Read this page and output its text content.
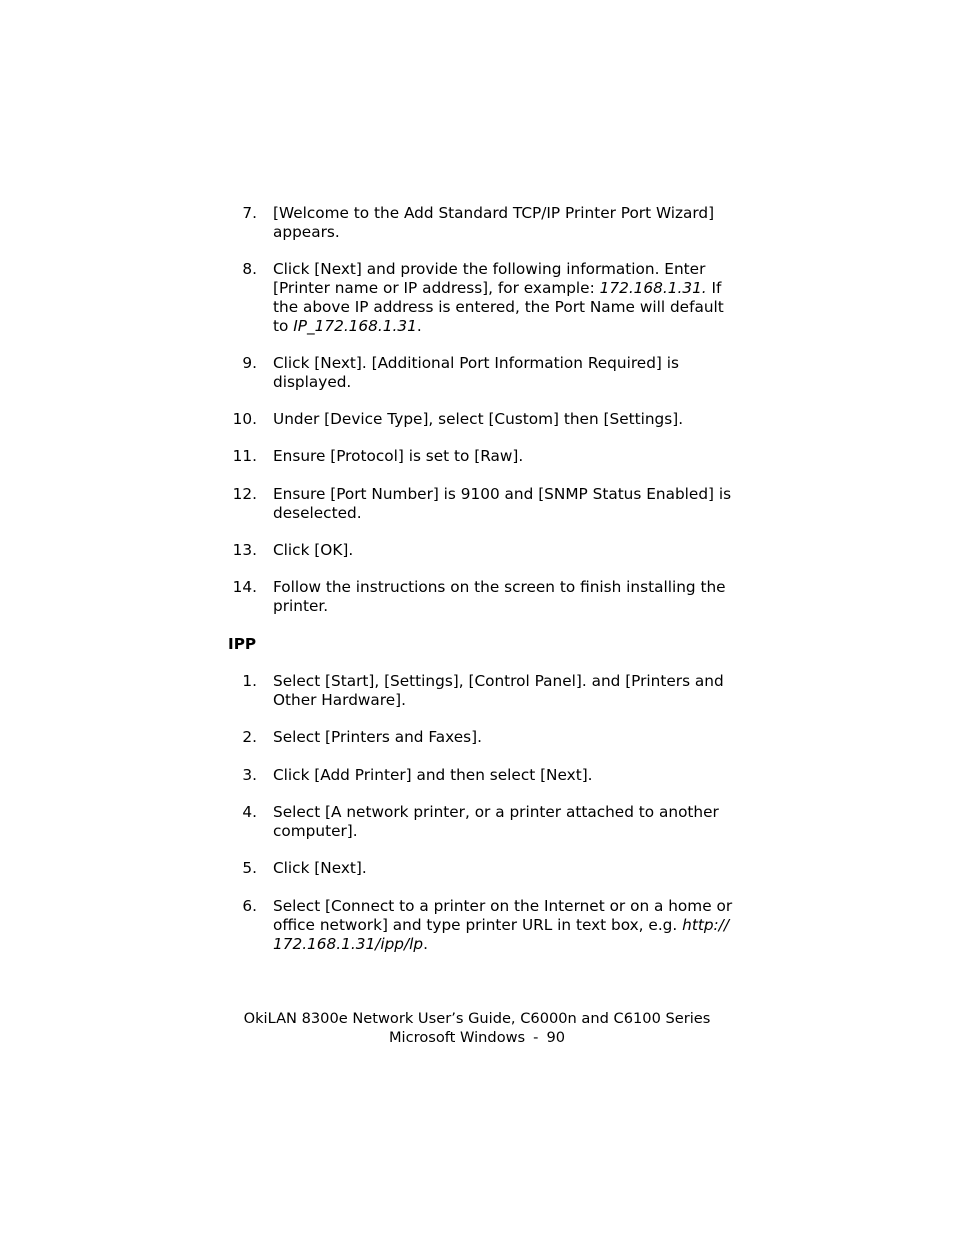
7. [Welcome to the Add Standard TCP/IP Printer Port Wizard]
appears.
8. Click [Next] and provide the following information. Enter
[Printer name or IP address], for example: 172.168.1.31. If
the above IP address is entered, the Port Name will default
to IP_172.168.1.31.
9. Click [Next]. [Additional Port Information Required] is
displayed.
10. Under [Device Type], select [Custom] then [Settings].
11. Ensure [Protocol] is set to [Raw].
12. Ensure [Port Number] is 9100 and [SNMP Status Enabled] is
deselected.
13. Click [OK].
14. Follow the instructions on the screen to finish installing the
printer.
IPP
1. Select [Start], [Settings], [Control Panel]. and [Printers and
Other Hardware].
2. Select [Printers and Faxes].
3. Click [Add Printer] and then select [Next].
4. Select [A network printer, or a printer attached to another
computer].
5. Click [Next].
6. Select [Connect to a printer on the Internet or on a home or
office network] and type printer URL in text box, e.g. http://
172.168.1.31/ipp/lp.
OkiLAN 8300e Network User’s Guide, C6000n and C6100 Series
Microsoft Windows - 90
